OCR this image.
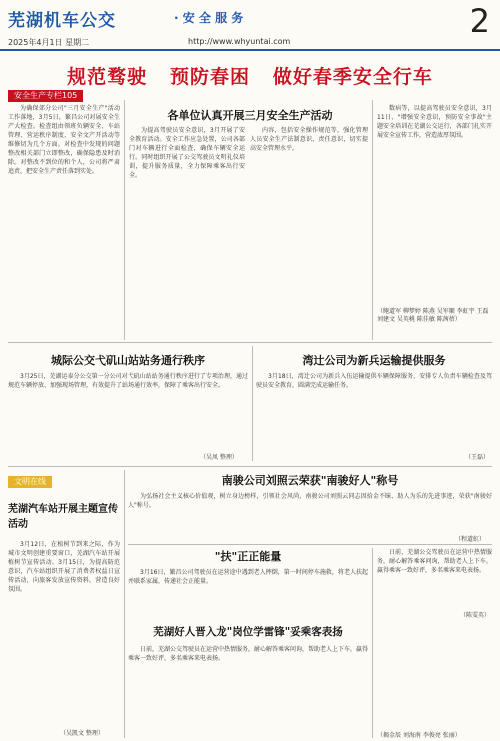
芜湖机车公交	· 安 全 服 务	2
2025年4月1日 星期二	http://www.whyuntai.com
规范骛驶 预防春困 做好春季安全行车
安全生产专栏105
各单位认真开展三月安全生产活动
为确保郊分公司"三月安全生产"活动工作落地，3月5日，繁昌公司对展安全生产大检查。检查组由领班负辆安全、车站管理、营运秩序制度、安全文产开活动等维修切为几个方面。对检查中发现的问题整改相关部门立即整改，确保隐患及时消除。对整改不到位的和个人，公司将严肃追责，把安全生产责任落到实处。
为提高驾驶员安全意识，3月开展了安全教育活动。安全工作应急处置，公司各部门对车辆进行全面检查，确保车辆安全运行。同时组织开展了公交驾驶员文明礼仪培训，提升服务质量，全力保障乘客出行安全。
内容，包括安全操作规范等，强化管理人员安全生产法制意识，责任意识，切实提高安全管理水平。
数病等，以提高驾驶员安全意识，3月11日，"增强安全意识，预防安全事故"主题安全培训在芜湖公交运行，各部门扎实开展安全宣传工作，营造浓厚氛围。
（鲍道军 柳梦婷 陈燕 吴军顺 李虹宇 王磊 刘建文 吴英桃 陈佳敏 陈茜蓓）
城际公交弋矶山站站务通行秩序
3月25日，芜湖运泰分公交第一分公司对弋矶山站站务通行秩序进行了专项治理，通过规范车辆停放、加强现场管理，有效提升了站场通行效率，保障了乘客出行安全。
（吴凤 整理）
湾辻公司为新兵运输提供服务
3月18日，湾辻公司为新兵入伍运输提供车辆保障服务，安排专人负责车辆检查及驾驶员安全教育，圆满完成运输任务。
（王磊）
文明在线
芜湖汽车站开展主题宣传活动
3月12日，在植树节到来之际，作为城市文明创建重要窗口，芜湖汽车站开展植树节宣传活动。3月15日，为提高防范意识，汽车站组织开展了消费者权益日宣传活动，向旅客发放宣传资料，营造良好氛围。
（吴凯文 整理）
南骏公司刘照云荣获"南骏好人"称号
为弘扬社会主义核心价值观，树立身边榜样，引领社会风尚，南骏公司刘照云同志因拾金不昧、助人为乐的先进事迹，荣获"南骏好人"称号。
（程道虹）
"扶"正正能量
3月16日，繁昌公司驾驶员在运营途中遇到老人摔倒，第一时间停车施救，将老人扶起并联系家属，传递社会正能量。
（陈雯英）
芜湖好人晋入龙"岗位学雷锋"妥乘客表扬
日前，芜湖公交驾驶员在运营中热情服务，耐心解答乘客问询，帮助老人上下车，赢得乘客一致好评，多名乘客来电表扬。
日前，芜湖公交驾驶员在运营中热情服务，耐心解答乘客问询，帮助老人上下车，赢得乘客一致好评，多名乘客来电表扬。
（揭金辰 刘海南 李俊亮 张丽）
